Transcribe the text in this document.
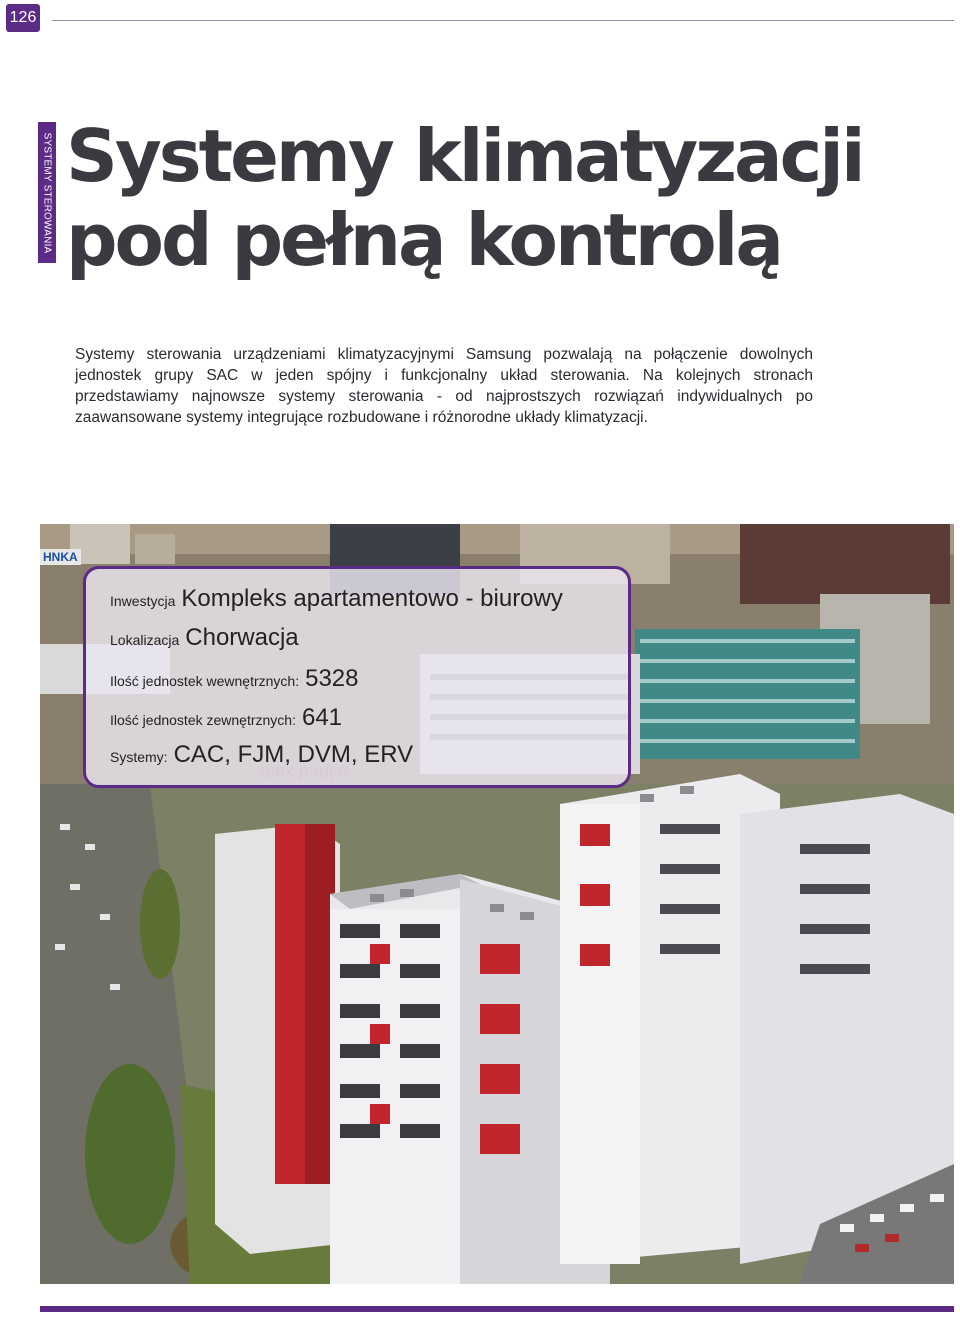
126
SYSTEMY STEROWANIA Systemy klimatyzacji
pod pełną kontrolą

Systemy sterowania urządzeniami klimatyzacyjnymi Samsung pozwalają na połączenie dowolnych jednostek grupy SAC w jeden spójny i funkcjonalny układ sterowania. Na kolejnych stronach przedstawiamy najnowsze systemy sterowania - od najprostszych rozwiązań indywidualnych po zaawansowane systemy integrujące rozbudowane i różnorodne układy klimatyzacji.

HNKA
Inwestycja Kompleks apartamentowo - biurowy
Lokalizacja Chorwacja
Ilość jednostek wewnętrznych: 5328
Ilość jednostek zewnętrznych: 641
Systemy: CAC, FJM, DVM, ERV
